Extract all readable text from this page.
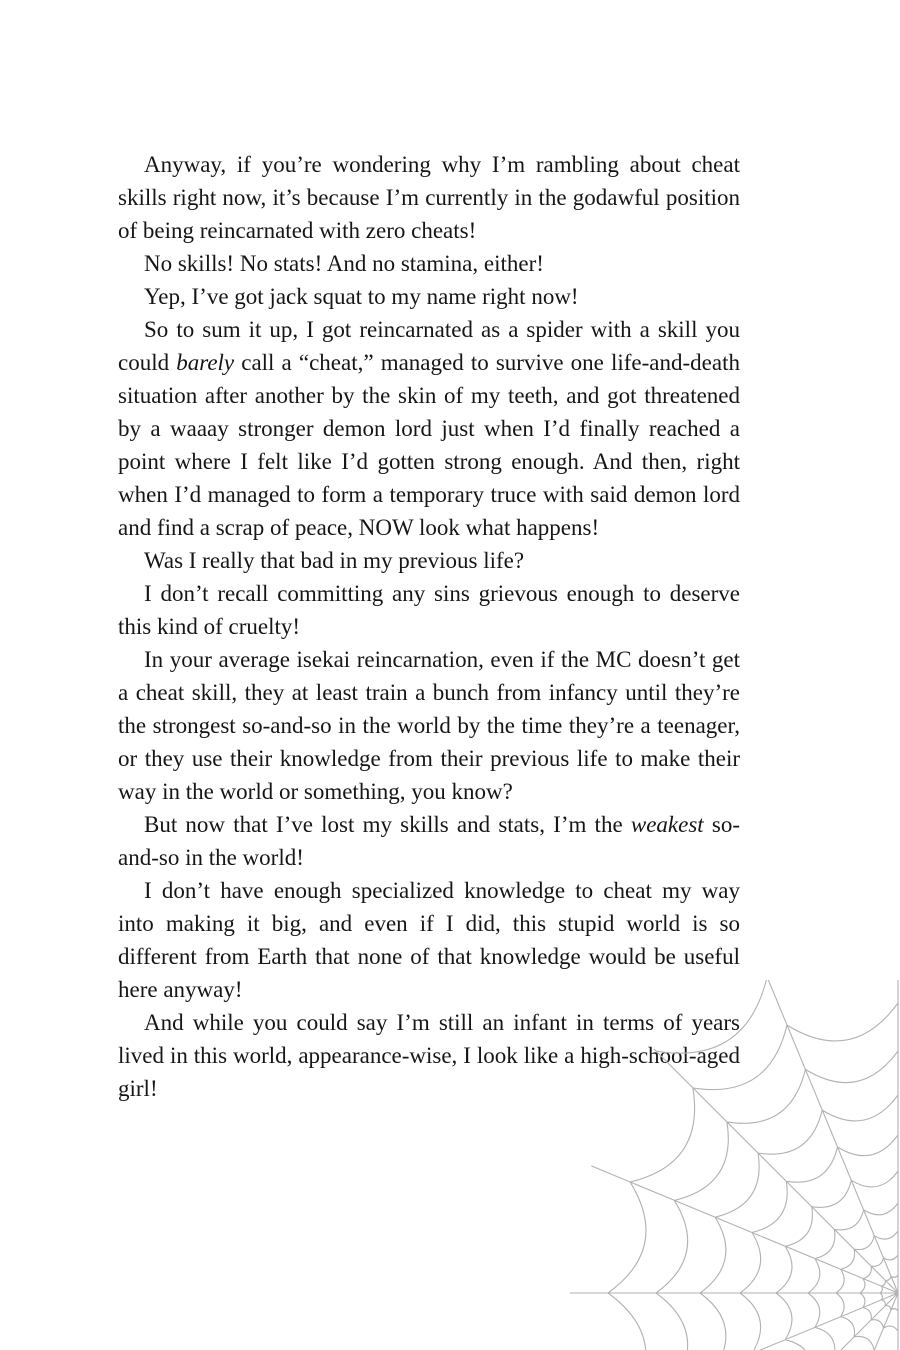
Anyway, if you’re wondering why I’m rambling about cheat skills right now, it’s because I’m currently in the godawful position of being reincarnated with zero cheats!

No skills! No stats! And no stamina, either!

Yep, I’ve got jack squat to my name right now!

So to sum it up, I got reincarnated as a spider with a skill you could barely call a “cheat,” managed to survive one life-and-death situation after another by the skin of my teeth, and got threatened by a waaay stronger demon lord just when I’d finally reached a point where I felt like I’d gotten strong enough. And then, right when I’d managed to form a temporary truce with said demon lord and find a scrap of peace, NOW look what happens!

Was I really that bad in my previous life?

I don’t recall committing any sins grievous enough to deserve this kind of cruelty!

In your average isekai reincarnation, even if the MC doesn’t get a cheat skill, they at least train a bunch from infancy until they’re the strongest so-and-so in the world by the time they’re a teenager, or they use their knowledge from their previous life to make their way in the world or something, you know?

But now that I’ve lost my skills and stats, I’m the weakest so-and-so in the world!

I don’t have enough specialized knowledge to cheat my way into making it big, and even if I did, this stupid world is so different from Earth that none of that knowledge would be useful here anyway!

And while you could say I’m still an infant in terms of years lived in this world, appearance-wise, I look like a high-school-aged girl!
